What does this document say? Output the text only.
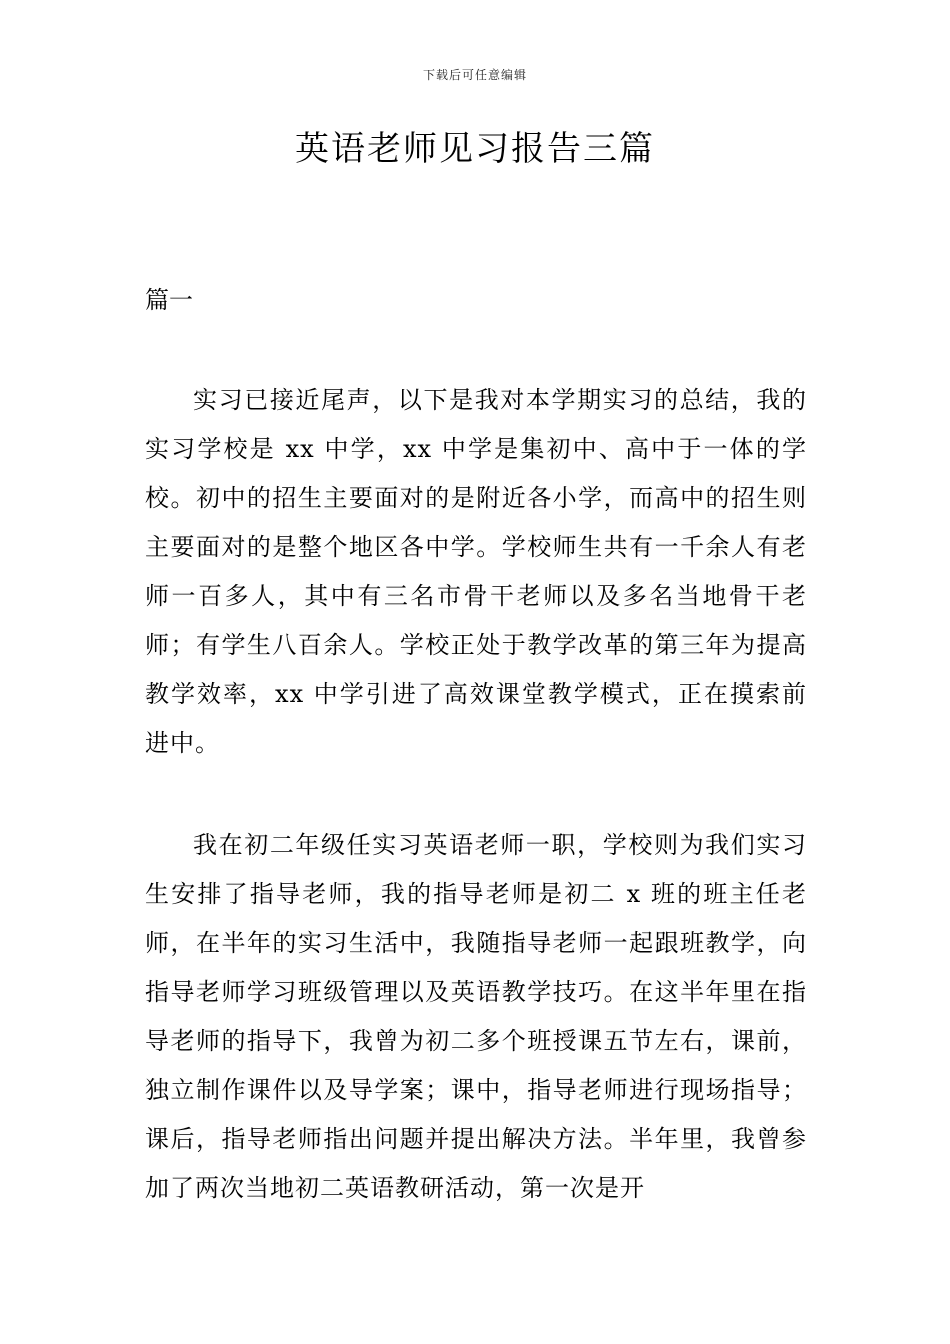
下载后可任意编辑
英语老师见习报告三篇
篇一

实习已接近尾声，以下是我对本学期实习的总结，我的实习学校是 xx 中学，xx 中学是集初中、高中于一体的学校。初中的招生主要面对的是附近各小学，而高中的招生则主要面对的是整个地区各中学。学校师生共有一千余人有老师一百多人，其中有三名市骨干老师以及多名当地骨干老师；有学生八百余人。学校正处于教学改革的第三年为提高教学效率，xx 中学引进了高效课堂教学模式，正在摸索前进中。

我在初二年级任实习英语老师一职，学校则为我们实习生安排了指导老师，我的指导老师是初二 x 班的班主任老师，在半年的实习生活中，我随指导老师一起跟班教学，向指导老师学习班级管理以及英语教学技巧。在这半年里在指导老师的指导下，我曾为初二多个班授课五节左右，课前，独立制作课件以及导学案；课中，指导老师进行现场指导；课后，指导老师指出问题并提出解决方法。半年里，我曾参加了两次当地初二英语教研活动，第一次是开
